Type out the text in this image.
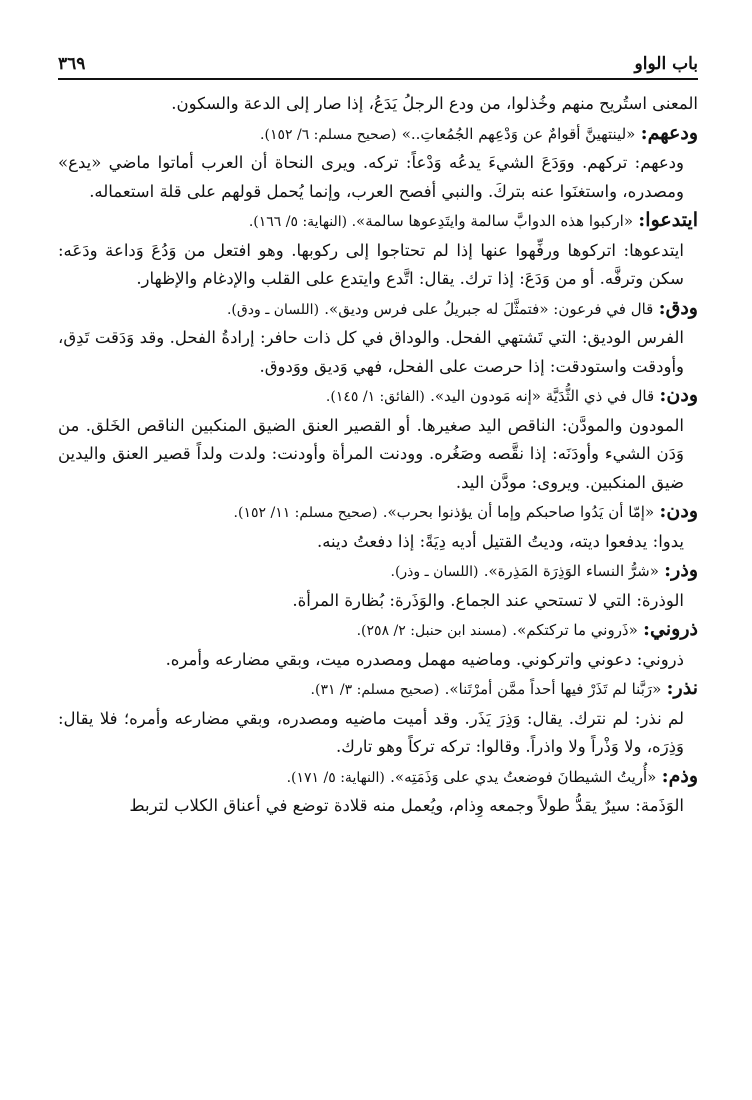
باب الواو
٣٦٩

المعنى استُريح منهم وخُذلوا، من ودع الرجلُ يَدَعُ، إذا صار إلى الدعة والسكون.

ودعهم: «لينتهينَّ أقوامٌ عن وَدْعِهم الجُمُعاتِ..» (صحيح مسلم: ٦/ ١٥٢).

ودعهم: تركهم. ووَدَعَ الشيءَ يدعُه وَدْعاً: تركه. ويرى النحاة أن العرب أماتوا ماضي «يدع» ومصدره، واستغنَوا عنه بتركَ. والنبي أفصح العرب، وإنما يُحمل قولهم على قلة استعماله.

ايتدعوا: «اركبوا هذه الدوابَّ سالمة وايتَدِعوها سالمة». (النهاية: ٥/ ١٦٦).

ايتدعوها: اتركوها ورفِّهوا عنها إذا لم تحتاجوا إلى ركوبها. وهو افتعل من وَدُعَ وَداعة ودَعَه: سكن وترفَّه. أو من وَدَعَ: إذا ترك. يقال: اتَّدع وايتدع على القلب والإدغام والإظهار.

ودق: قال في فرعون: «فتمثَّلَ له جبريلُ على فرس وديق». (اللسان ـ ودق).

الفرس الوديق: التي تَشتهي الفحل. والوداق في كل ذات حافر: إرادةُ الفحل. وقد وَدَقت تَدِق، وأودقت واستودقت: إذا حرصت على الفحل، فهي وَديق ووَدوق.

ودن: قال في ذي الثُّدَيَّة «إنه مَودون اليد». (الفائق: ١/ ١٤٥).

المودون والمودَّن: الناقص اليد صغيرها. أو القصير العنق الضيق المنكبين الناقص الخَلق. من وَدَن الشيء وأودَنَه: إذا نقَّصه وصَغُره. وودنت المرأة وأودنت: ولدت ولداً قصير العنق واليدين ضيق المنكبين. ويروى: مودَّن اليد.

ودن: «إمّا أن يَدُوا صاحبكم وإما أن يؤذنوا بحرب». (صحيح مسلم: ١١/ ١٥٢).

يدوا: يدفعوا ديته، وديتُ القتيل أديه دِيَةً: إذا دفعتُ دينه.

وذر: «شرُّ النساء الوَذِرَة المَذِرة». (اللسان ـ وذر).

الوذرة: التي لا تستحي عند الجماع. والوَذَرة: بُظارة المرأة.

ذروني: «ذَروني ما تركتكم». (مسند ابن حنبل: ٢/ ٢٥٨).

ذروني: دعوني واتركوني. وماضيه مهمل ومصدره ميت، وبقي مضارعه وأمره.

نذر: «رَبَّنا لم تَذَرْ فيها أحداً ممَّن أمرْتَنا». (صحيح مسلم: ٣/ ٣١).

لم نذر: لم نترك. يقال: وَذِرَ يَذَر. وقد أميت ماضيه ومصدره، وبقي مضارعه وأمره؛ فلا يقال: وَذِرَه، ولا وَذْراً ولا واذراً. وقالوا: تركه تركاً وهو تارك.

وذم: «أُريتُ الشيطانَ فوضعتُ يدي على وَذَمَتِه». (النهاية: ٥/ ١٧١).

الوَذَمة: سيرٌ يقدُّ طولاً وجمعه وِذام، ويُعمل منه قلادة توضع في أعناق الكلاب لتربط
